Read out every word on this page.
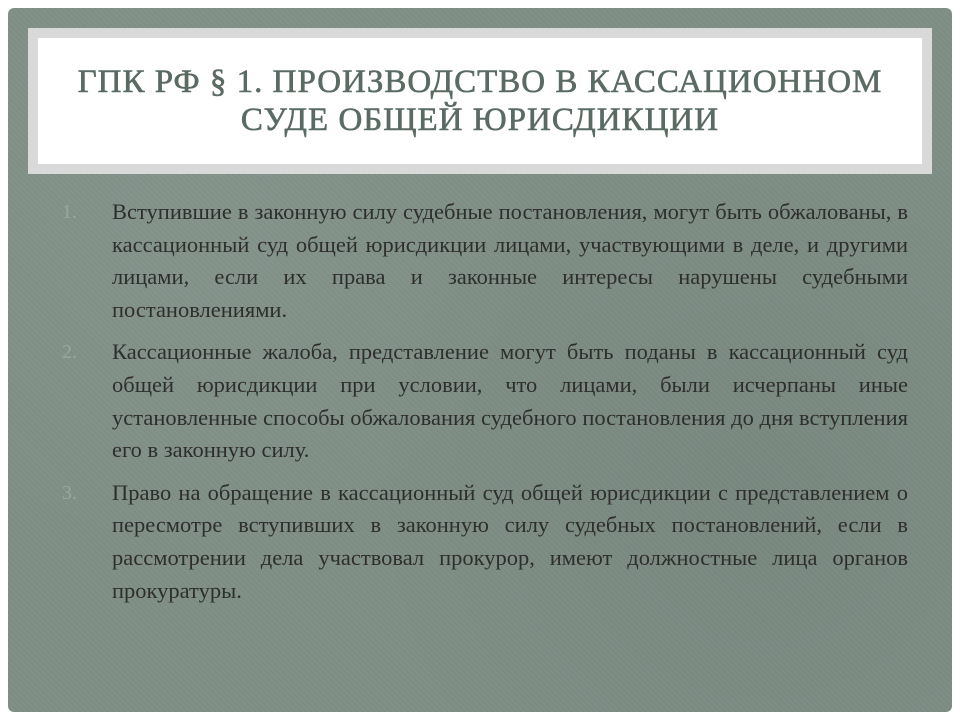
ГПК РФ § 1. ПРОИЗВОДСТВО В КАССАЦИОННОМ
СУДЕ ОБЩЕЙ ЮРИСДИКЦИИ
1.	Вступившие в законную силу судебные постановления, могут быть обжалованы, в кассационный суд общей юрисдикции лицами, участвующими в деле, и другими лицами, если их права и законные интересы нарушены судебными постановлениями.
2.	Кассационные жалоба, представление могут быть поданы в кассационный суд общей юрисдикции при условии, что лицами, были исчерпаны иные установленные способы обжалования судебного постановления до дня вступления его в законную силу.
3.	Право на обращение в кассационный суд общей юрисдикции с представлением о пересмотре вступивших в законную силу судебных постановлений, если в рассмотрении дела участвовал прокурор, имеют должностные лица органов прокуратуры.
